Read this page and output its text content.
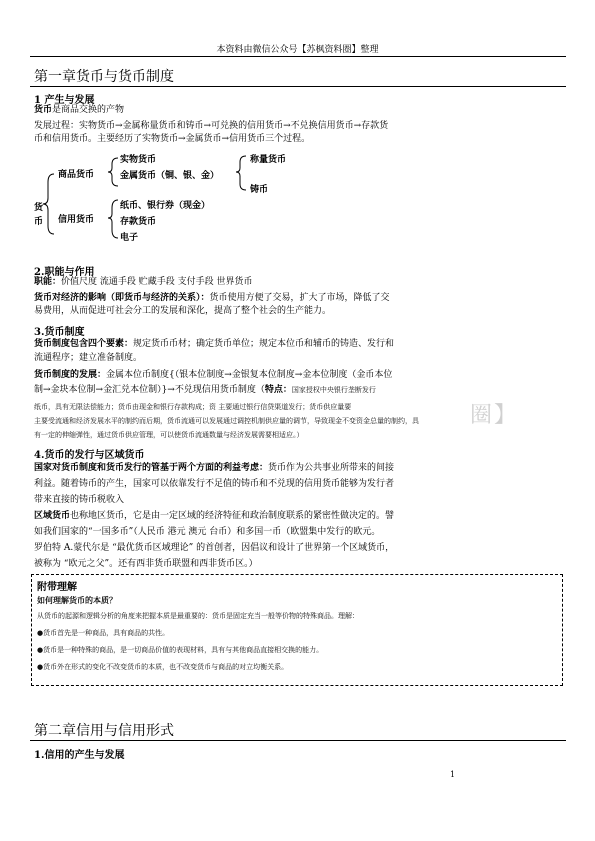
本资料由微信公众号【苏枫资料圈】整理
圈】
第一章货币与货币制度
1 产生与发展
货币是商品交换的产物
发展过程：实物货币→金属称量货币和铸币→可兑换的信用货币→不兑换信用货币→存款货
币和信用货币。主要经历了实物货币→金属货币→信用货币三个过程。
货
币
商品货币
实物货币
金属货币（铜、银、金）
称量货币
铸币
信用货币
纸币、银行券（现金）
存款货币
电子
2.职能与作用
职能：价值尺度 流通手段 贮藏手段 支付手段 世界货币
货币对经济的影响（即货币与经济的关系）：货币使用方便了交易，扩大了市场，降低了交
易费用，从而促进可社会分工的发展和深化，提高了整个社会的生产能力。
3.货币制度
货币制度包含四个要素：规定货币币材；确定货币单位；规定本位币和辅币的铸造、发行和
流通程序；建立准备制度。
货币制度的发展：金属本位币制度{（银本位制度→金银复本位制度→金本位制度（金币本位
制→金块本位制→金汇兑本位制）}→不兑现信用货币制度（特点：国家授权中央银行垄断发行
纸币，具有无限法偿能力；货币由现金和银行存款构成；资 主要通过银行信贷渠道发行；货币供应量要
主要受流通和经济发展水平的制约而后期，货币流通可以发展通过调控机制供应量的调节，导致现金不变资金总量的制约，具
有一定的伸缩弹性，通过货币供应管理，可以使货币流通数量与经济发展需要相适应。）
4.货币的发行与区域货币
国家对货币制度和货币发行的管基于两个方面的利益考虑：货币作为公共事业所带来的间接
利益。随着铸币的产生，国家可以依靠发行不足值的铸币和不兑现的信用货币能够为发行者
带来直接的铸币税收入
区域货币也称地区货币，它是由一定区域的经济特征和政治制度联系的紧密性做决定的。譬
如我们国家的“一国多币”（人民币 港元 澳元 台币）和多国一币（欧盟集中发行的欧元。
罗伯特 A.蒙代尔是 “最优货币区域理论” 的首创者，因倡议和设计了世界第一个区域货币，
被称为 “欧元之父”。还有西非货币联盟和西非货币区。）
附带理解
如何理解货币的本质？
从货币的起源和逻辑分析的角度来把握本质是最重要的：货币是固定充当一般等价物的特殊商品。理解：
●货币首先是一种商品，具有商品的共性。
●货币是一种特殊的商品，是一切商品价值的表现材料，具有与其他商品直接相交换的能力。
●货币外在形式的变化不改变货币的本质，也不改变货币与商品的对立均衡关系。
第二章信用与信用形式
1.信用的产生与发展
1
